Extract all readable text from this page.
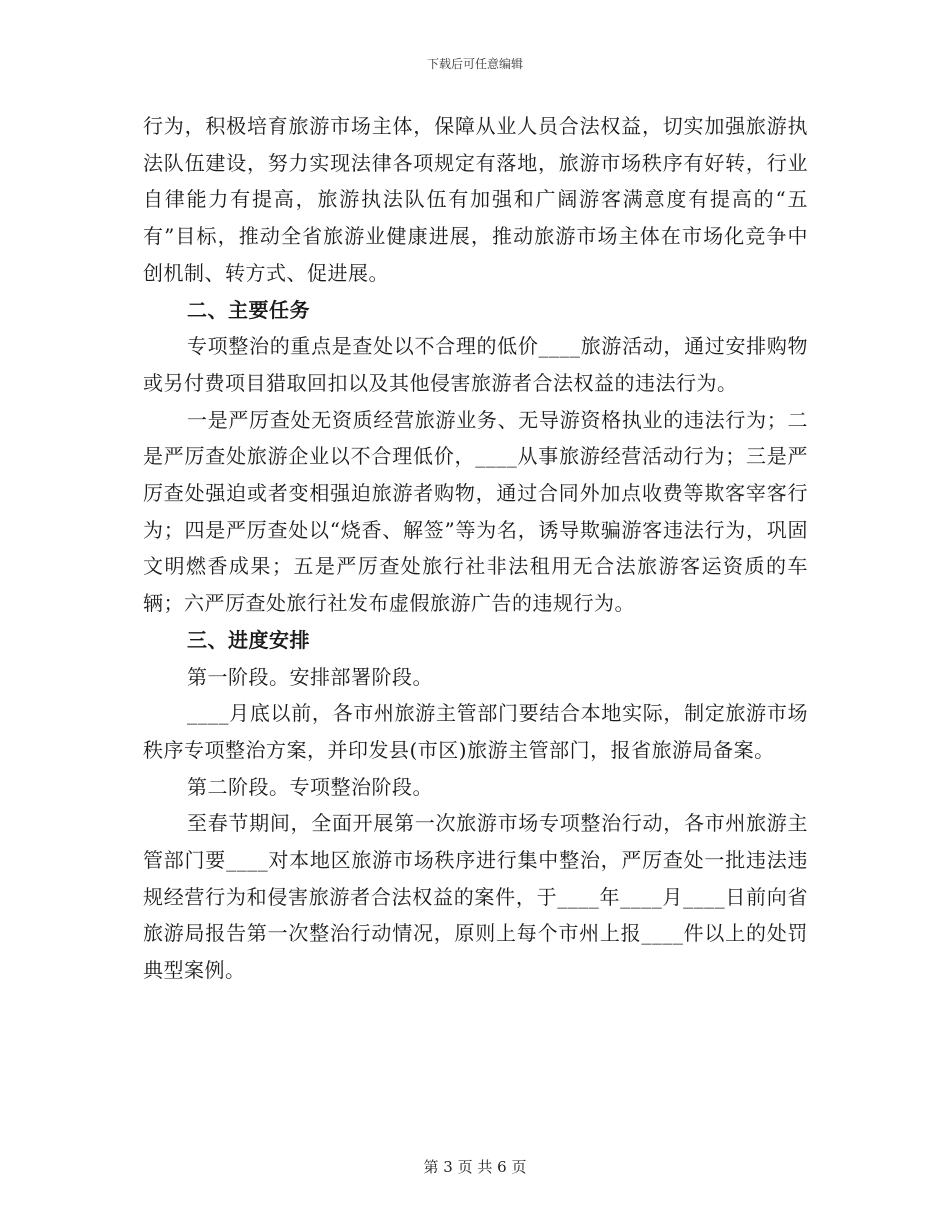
下载后可任意编辑

行为，积极培育旅游市场主体，保障从业人员合法权益，切实加强旅游执法队伍建设，努力实现法律各项规定有落地，旅游市场秩序有好转，行业自律能力有提高，旅游执法队伍有加强和广阔游客满意度有提高的“五有”目标，推动全省旅游业健康进展，推动旅游市场主体在市场化竞争中创机制、转方式、促进展。

二、主要任务

专项整治的重点是查处以不合理的低价____旅游活动，通过安排购物或另付费项目猎取回扣以及其他侵害旅游者合法权益的违法行为。

一是严厉查处无资质经营旅游业务、无导游资格执业的违法行为；二是严厉查处旅游企业以不合理低价，____从事旅游经营活动行为；三是严厉查处强迫或者变相强迫旅游者购物，通过合同外加点收费等欺客宰客行为；四是严厉查处以“烧香、解签”等为名，诱导欺骗游客违法行为，巩固文明燃香成果；五是严厉查处旅行社非法租用无合法旅游客运资质的车辆；六严厉查处旅行社发布虚假旅游广告的违规行为。

三、进度安排

第一阶段。安排部署阶段。

____月底以前，各市州旅游主管部门要结合本地实际，制定旅游市场秩序专项整治方案，并印发县(市区)旅游主管部门，报省旅游局备案。

第二阶段。专项整治阶段。

至春节期间，全面开展第一次旅游市场专项整治行动，各市州旅游主管部门要____对本地区旅游市场秩序进行集中整治，严厉查处一批违法违规经营行为和侵害旅游者合法权益的案件，于____年____月____日前向省旅游局报告第一次整治行动情况，原则上每个市州上报____件以上的处罚典型案例。

第 3 页 共 6 页
